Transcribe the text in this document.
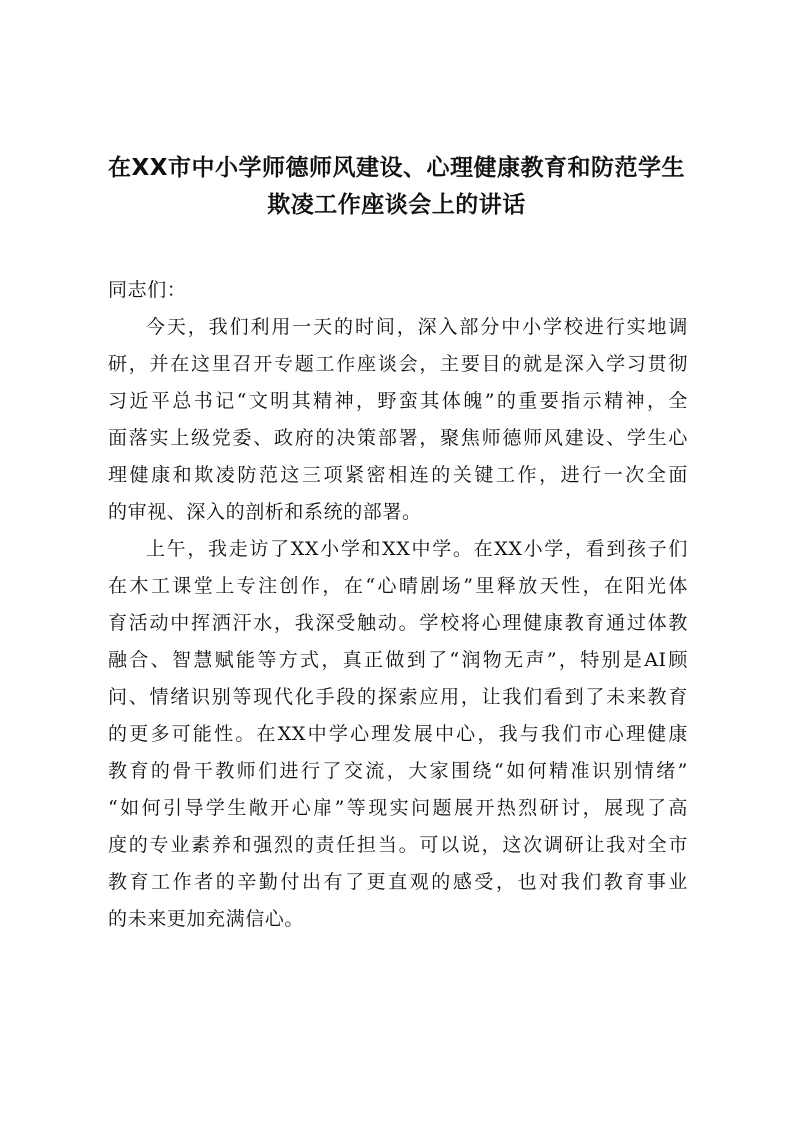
在XX市中小学师德师风建设、心理健康教育和防范学生
欺凌工作座谈会上的讲话
同志们：
今天，我们利用一天的时间，深入部分中小学校进行实地调
研，并在这里召开专题工作座谈会，主要目的就是深入学习贯彻
习近平总书记“文明其精神，野蛮其体魄”的重要指示精神，全
面落实上级党委、政府的决策部署，聚焦师德师风建设、学生心
理健康和欺凌防范这三项紧密相连的关键工作，进行一次全面
的审视、深入的剖析和系统的部署。
上午，我走访了XX小学和XX中学。在XX小学，看到孩子们
在木工课堂上专注创作，在“心晴剧场”里释放天性，在阳光体
育活动中挥洒汗水，我深受触动。学校将心理健康教育通过体教
融合、智慧赋能等方式，真正做到了“润物无声”，特别是AI顾
问、情绪识别等现代化手段的探索应用，让我们看到了未来教育
的更多可能性。在XX中学心理发展中心，我与我们市心理健康
教育的骨干教师们进行了交流，大家围绕“如何精准识别情绪”
“如何引导学生敞开心扉”等现实问题展开热烈研讨，展现了高
度的专业素养和强烈的责任担当。可以说，这次调研让我对全市
教育工作者的辛勤付出有了更直观的感受，也对我们教育事业
的未来更加充满信心。
